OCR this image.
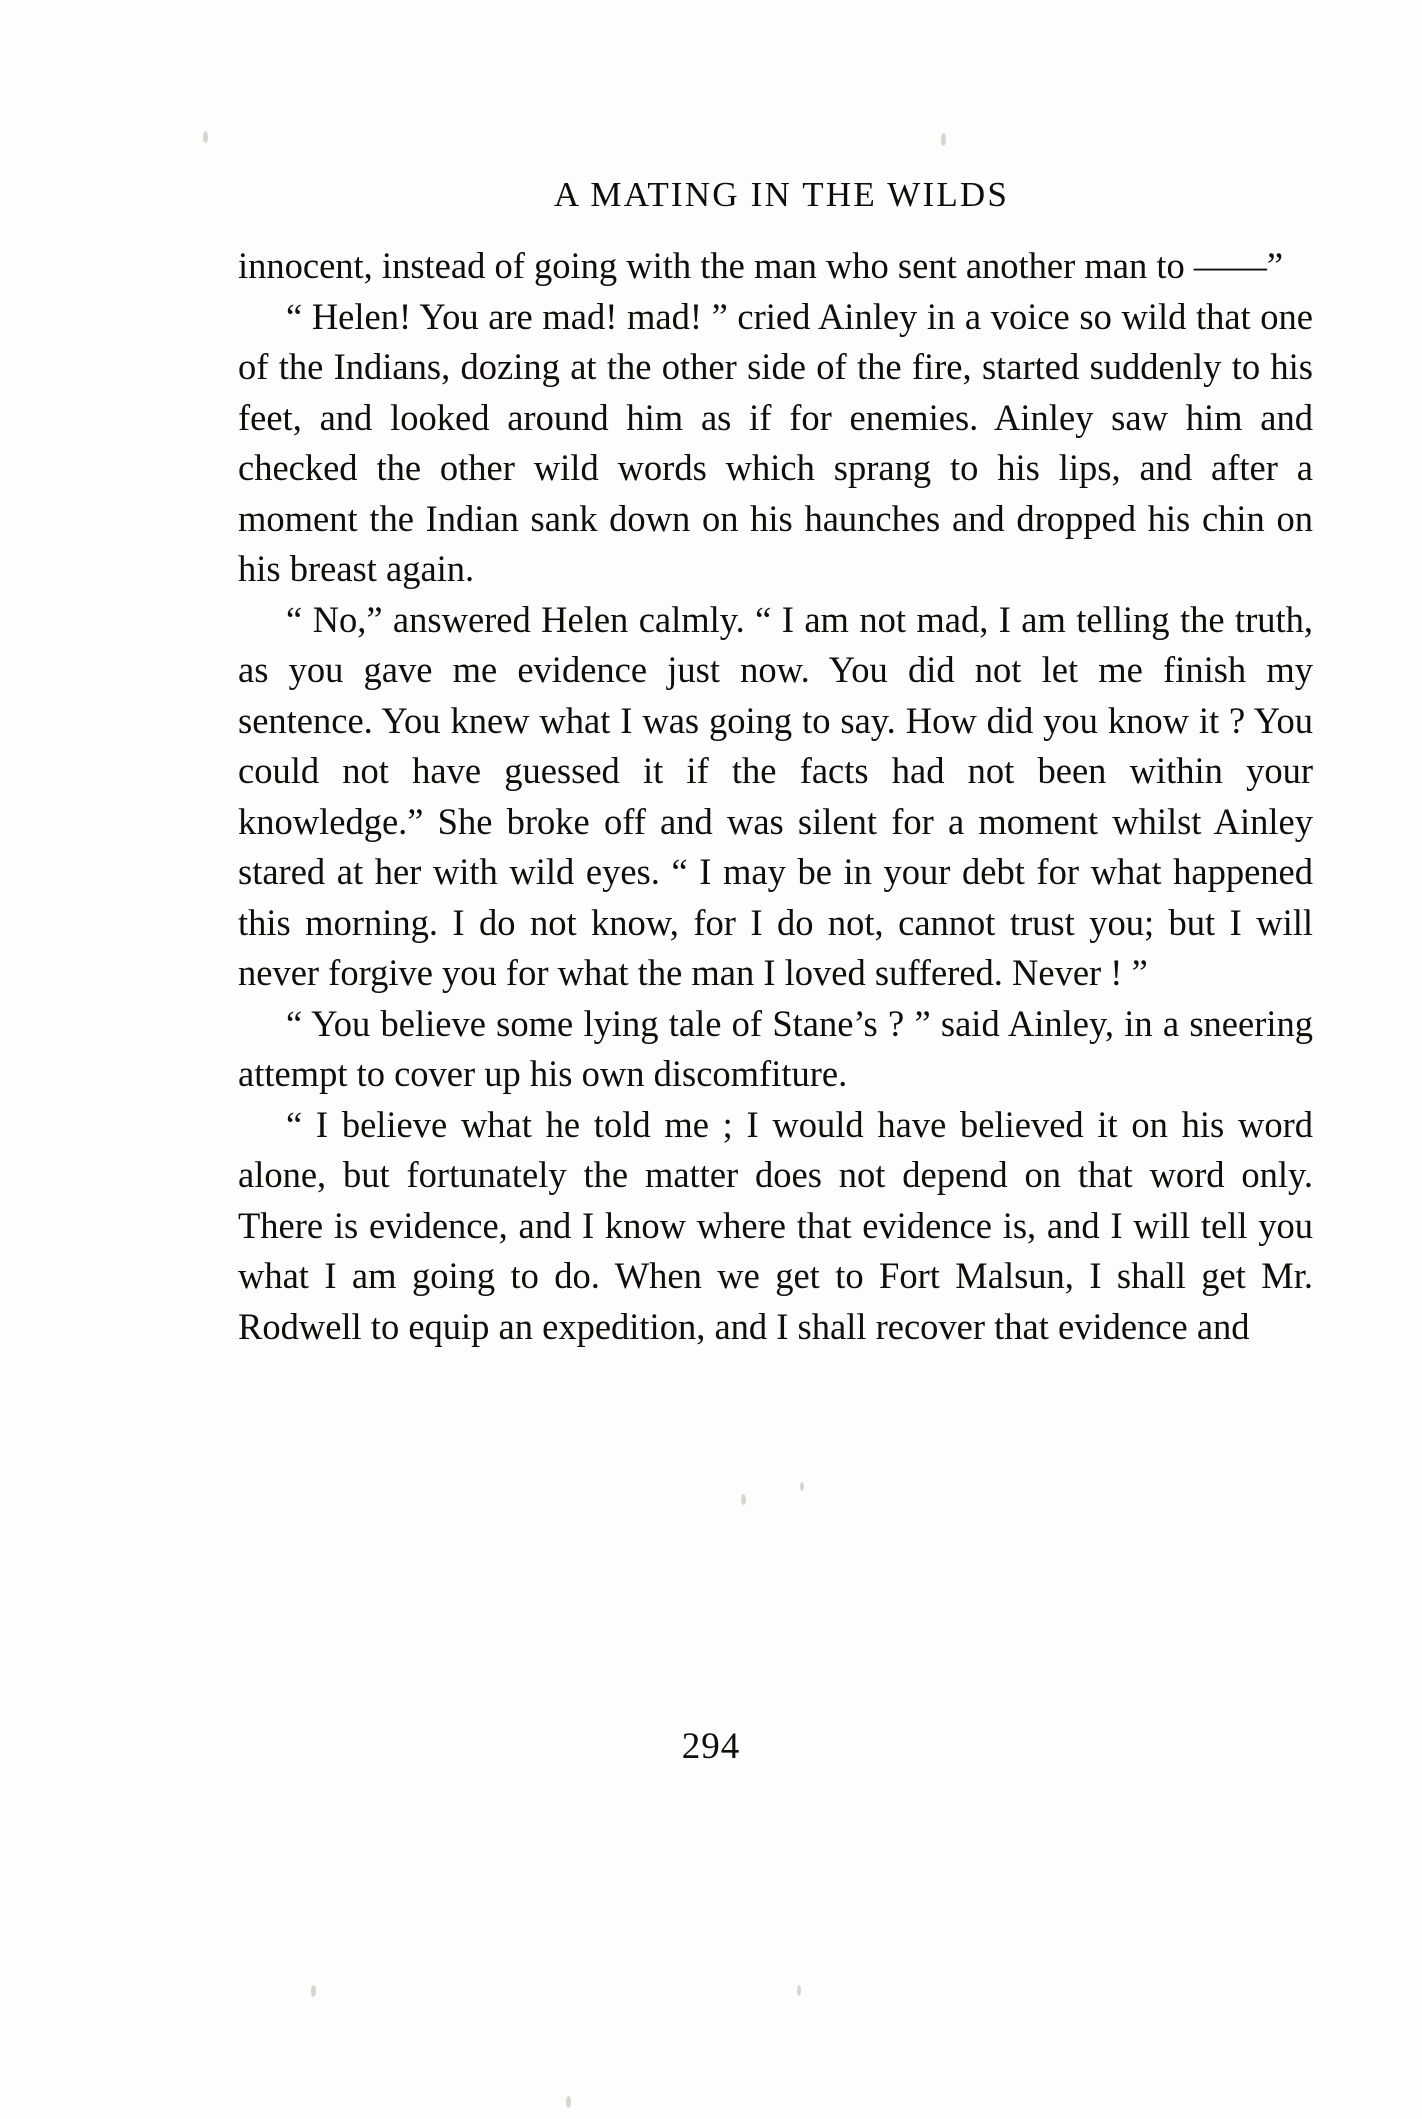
A MATING IN THE WILDS

innocent, instead of going with the man who sent another man to ——”

“ Helen! You are mad! mad! ” cried Ainley in a voice so wild that one of the Indians, dozing at the other side of the fire, started suddenly to his feet, and looked around him as if for enemies. Ainley saw him and checked the other wild words which sprang to his lips, and after a moment the Indian sank down on his haunches and dropped his chin on his breast again.

“ No,” answered Helen calmly. “ I am not mad, I am telling the truth, as you gave me evidence just now. You did not let me finish my sentence. You knew what I was going to say. How did you know it ? You could not have guessed it if the facts had not been within your knowledge.” She broke off and was silent for a moment whilst Ainley stared at her with wild eyes. “ I may be in your debt for what happened this morning. I do not know, for I do not, cannot trust you; but I will never forgive you for what the man I loved suffered. Never ! ”

“ You believe some lying tale of Stane’s ? ” said Ainley, in a sneering attempt to cover up his own discomfiture.

“ I believe what he told me ; I would have believed it on his word alone, but fortunately the matter does not depend on that word only. There is evidence, and I know where that evidence is, and I will tell you what I am going to do. When we get to Fort Malsun, I shall get Mr. Rodwell to equip an expedition, and I shall recover that evidence and

294
